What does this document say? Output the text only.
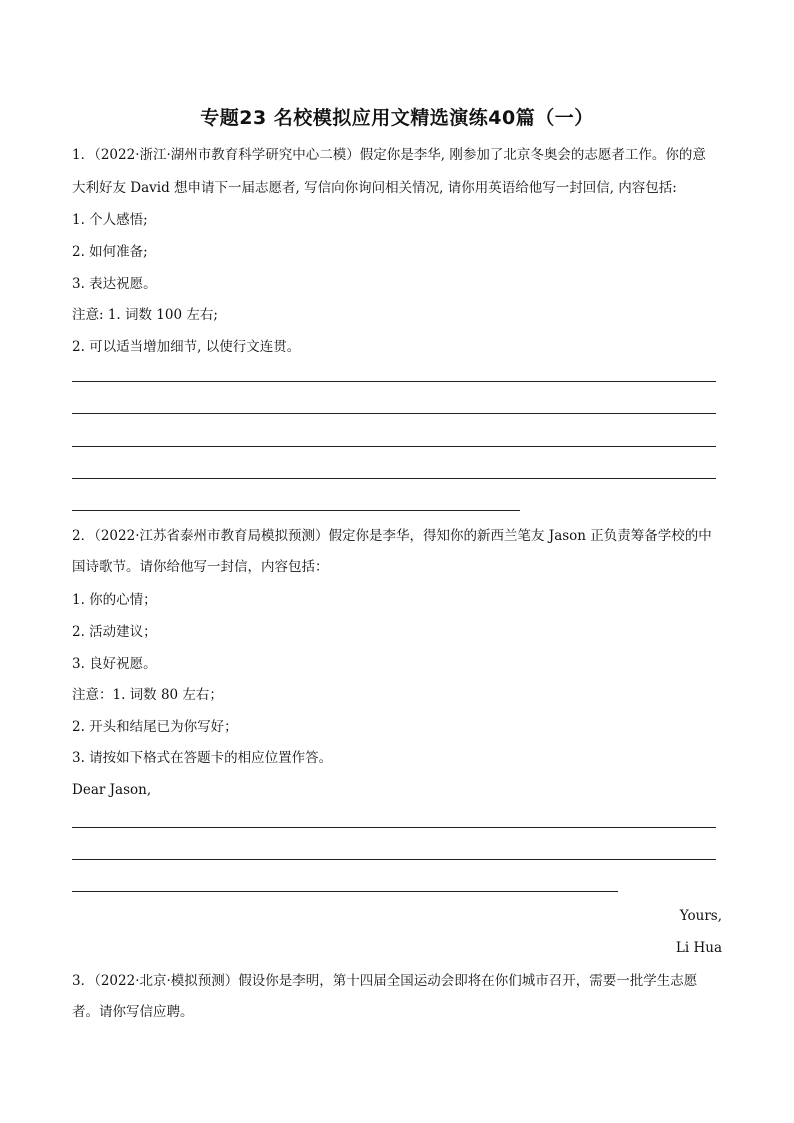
专题23 名校模拟应用文精选演练40篇（一）
1．（2022·浙江·湖州市教育科学研究中心二模）假定你是李华, 刚参加了北京冬奥会的志愿者工作。你的意
大利好友 David 想申请下一届志愿者, 写信向你询问相关情况, 请你用英语给他写一封回信, 内容包括:
1. 个人感悟;
2. 如何准备;
3. 表达祝愿。
注意: 1. 词数 100 左右;
2. 可以适当增加细节, 以使行文连贯。
2．（2022·江苏省泰州市教育局模拟预测）假定你是李华，得知你的新西兰笔友 Jason 正负责筹备学校的中
国诗歌节。请你给他写一封信，内容包括：
1. 你的心情；
2. 活动建议；
3. 良好祝愿。
注意：1. 词数 80 左右；
2. 开头和结尾已为你写好；
3. 请按如下格式在答题卡的相应位置作答。
Dear Jason,
Yours,
Li Hua
3．（2022·北京·模拟预测）假设你是李明，第十四届全国运动会即将在你们城市召开，需要一批学生志愿
者。请你写信应聘。
